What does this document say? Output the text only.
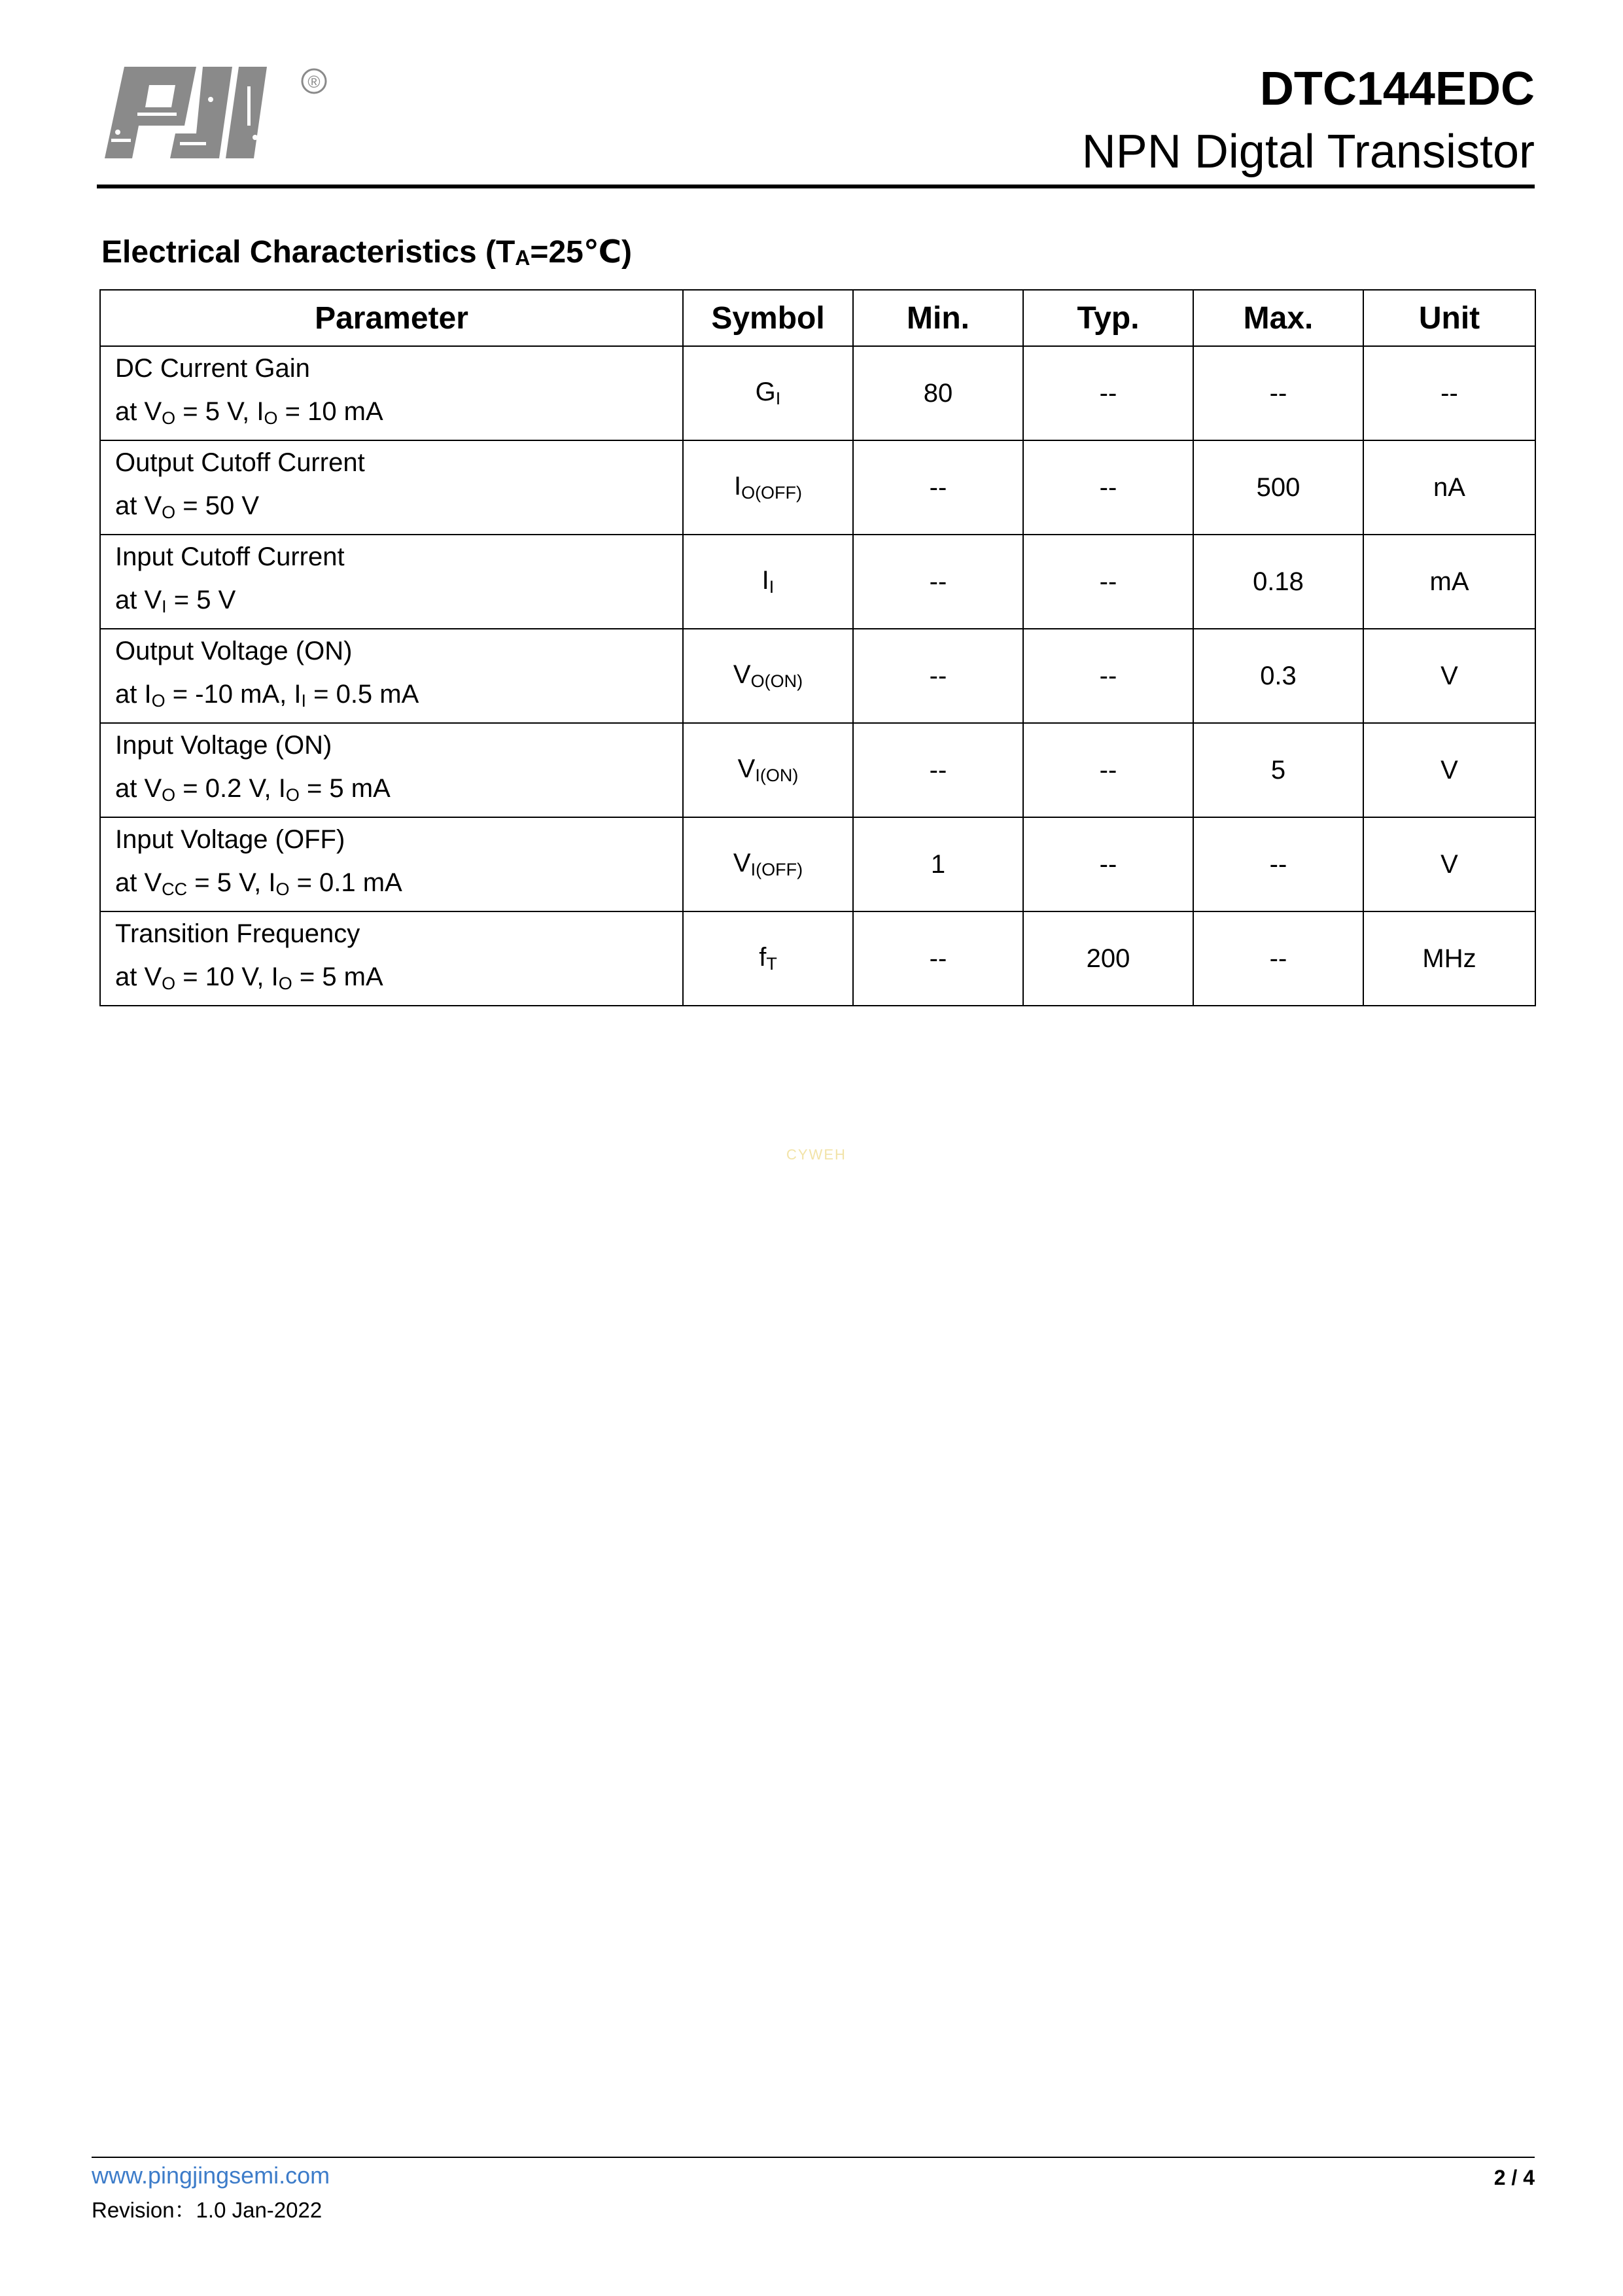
®	DTC144EDC
NPN Digtal Transistor
Electrical Characteristics $(T_A=25℃)$
Parameter	Symbol	Min.	Typ.	Max.	Unit

DC Current Gain
at $V_O = 5$ V, $I_O = 10$ mA	$G_I$	80	--	--	--

Output Cutoff Current
at $V_O = 50$ V	$I_{O(OFF)}$	--	--	500	nA

Input Cutoff Current
at $V_I = 5$ V	$I_I$	--	--	0.18	mA

Output Voltage (ON)
at $I_O = -10$ mA, $I_I = 0.5$ mA	$V_{O(ON)}$	--	--	0.3	V

Input Voltage (ON)
at $V_O = 0.2$ V, $I_O = 5$ mA	$V_{I(ON)}$	--	--	5	V

Input Voltage (OFF)
at $V_{CC} = 5$ V, $I_O = 0.1$ mA	$V_{I(OFF)}$	1	--	--	V

Transition Frequency
at $V_O = 10$ V, $I_O = 5$ mA	$f_T$	--	200	--	MHz
CYWEH
www.pingjingsemi.com
Revision：1.0 Jan-2022
2 / 4
